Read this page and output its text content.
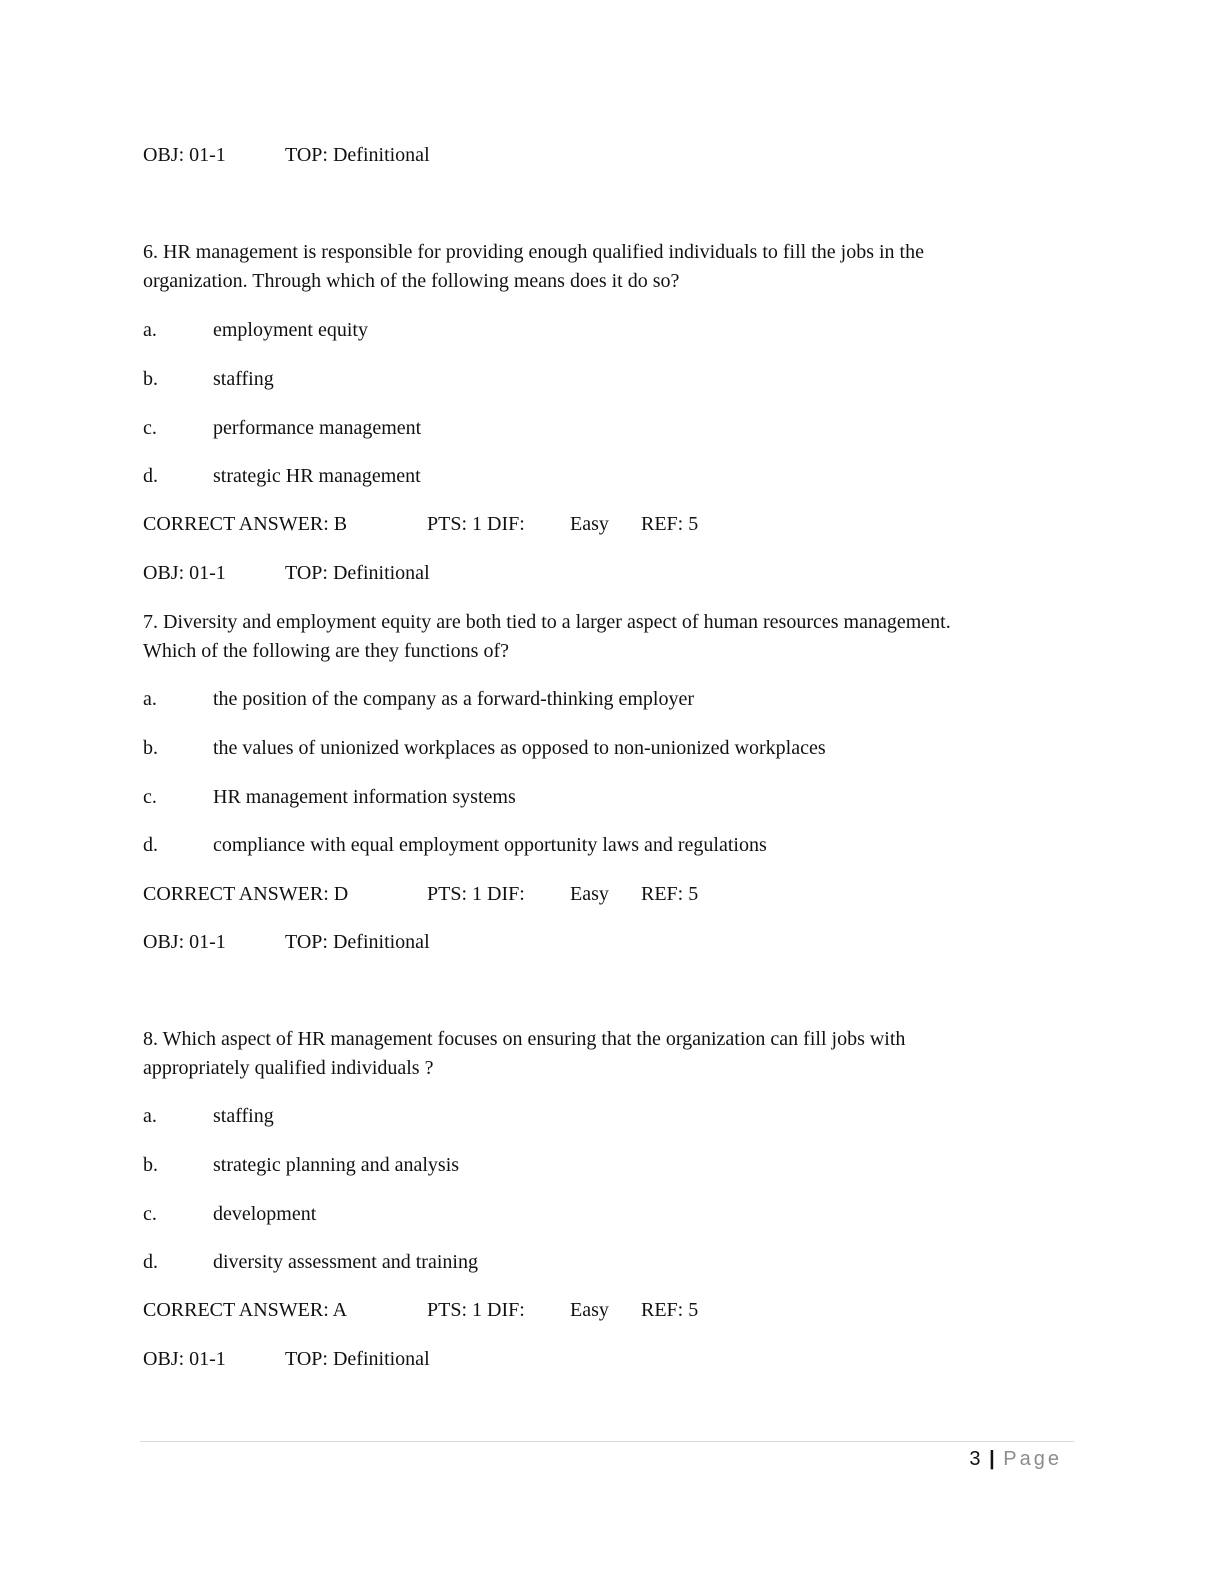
OBJ: 01-1	TOP: Definitional
6. HR management is responsible for providing enough qualified individuals to fill the jobs in the
organization. Through which of the following means does it do so?
a.	employment equity
b.	staffing
c.	performance management
d.	strategic HR management
CORRECT ANSWER: B	PTS: 1 DIF: Easy REF: 5
OBJ: 01-1	TOP: Definitional
7. Diversity and employment equity are both tied to a larger aspect of human resources management.
Which of the following are they functions of?
a.	the position of the company as a forward-thinking employer
b.	the values of unionized workplaces as opposed to non-unionized workplaces
c.	HR management information systems
d.	compliance with equal employment opportunity laws and regulations
CORRECT ANSWER: D	PTS: 1 DIF: Easy REF: 5
OBJ: 01-1	TOP: Definitional
8. Which aspect of HR management focuses on ensuring that the organization can fill jobs with
appropriately qualified individuals ?
a.	staffing
b.	strategic planning and analysis
c.	development
d.	diversity assessment and training
CORRECT ANSWER: A	PTS: 1 DIF: Easy REF: 5
OBJ: 01-1	TOP: Definitional
3 | Page
